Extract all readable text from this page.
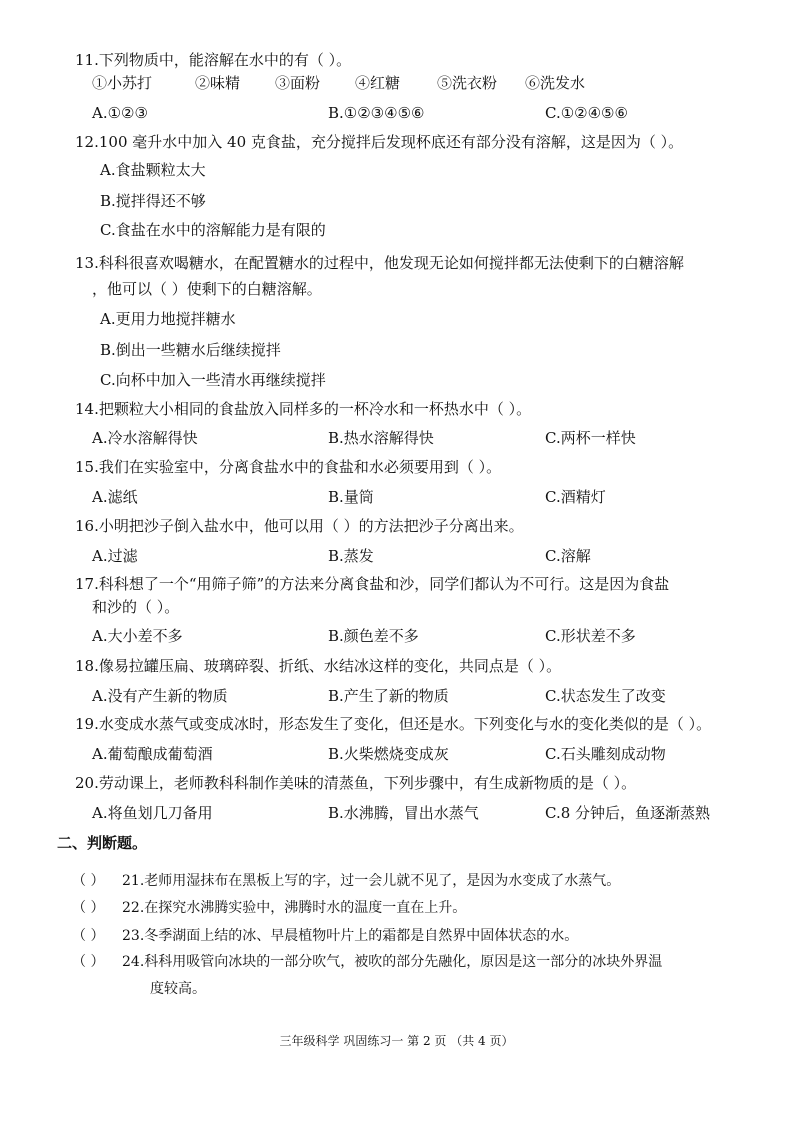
11.下列物质中，能溶解在水中的有（ ）。
①小苏打	②味精 ③面粉 ④红糖 ⑤洗衣粉 ⑥洗发水
A.①②③	B.①②③④⑤⑥	C.①②④⑤⑥
12.100 毫升水中加入 40 克食盐，充分搅拌后发现杯底还有部分没有溶解，这是因为（ ）。
A.食盐颗粒太大
B.搅拌得还不够
C.食盐在水中的溶解能力是有限的
13.科科很喜欢喝糖水，在配置糖水的过程中，他发现无论如何搅拌都无法使剩下的白糖溶解
，他可以（ ）使剩下的白糖溶解。
A.更用力地搅拌糖水
B.倒出一些糖水后继续搅拌
C.向杯中加入一些清水再继续搅拌
14.把颗粒大小相同的食盐放入同样多的一杯冷水和一杯热水中（ ）。
A.冷水溶解得快	B.热水溶解得快	C.两杯一样快
15.我们在实验室中，分离食盐水中的食盐和水必须要用到（ ）。
A.滤纸	B.量筒	C.酒精灯
16.小明把沙子倒入盐水中，他可以用（ ）的方法把沙子分离出来。
A.过滤	B.蒸发	C.溶解
17.科科想了一个“用筛子筛”的方法来分离食盐和沙，同学们都认为不可行。这是因为食盐
和沙的（ ）。
A.大小差不多	B.颜色差不多	C.形状差不多
18.像易拉罐压扁、玻璃碎裂、折纸、水结冰这样的变化，共同点是（ ）。
A.没有产生新的物质	B.产生了新的物质	C.状态发生了改变
19.水变成水蒸气或变成冰时，形态发生了变化，但还是水。下列变化与水的变化类似的是（ ）。
A.葡萄酿成葡萄酒	B.火柴燃烧变成灰	C.石头雕刻成动物
20.劳动课上，老师教科科制作美味的清蒸鱼，下列步骤中，有生成新物质的是（ ）。
A.将鱼划几刀备用	B.水沸腾，冒出水蒸气	C.8 分钟后，鱼逐渐蒸熟
二、判断题。
（ ） 21.老师用湿抹布在黑板上写的字，过一会儿就不见了，是因为水变成了水蒸气。
（ ） 22.在探究水沸腾实验中，沸腾时水的温度一直在上升。
（ ） 23.冬季湖面上结的冰、早晨植物叶片上的霜都是自然界中固体状态的水。
（ ） 24.科科用吸管向冰块的一部分吹气，被吹的部分先融化，原因是这一部分的冰块外界温
度较高。
三年级科学 巩固练习一 第 2 页 （共 4 页）
